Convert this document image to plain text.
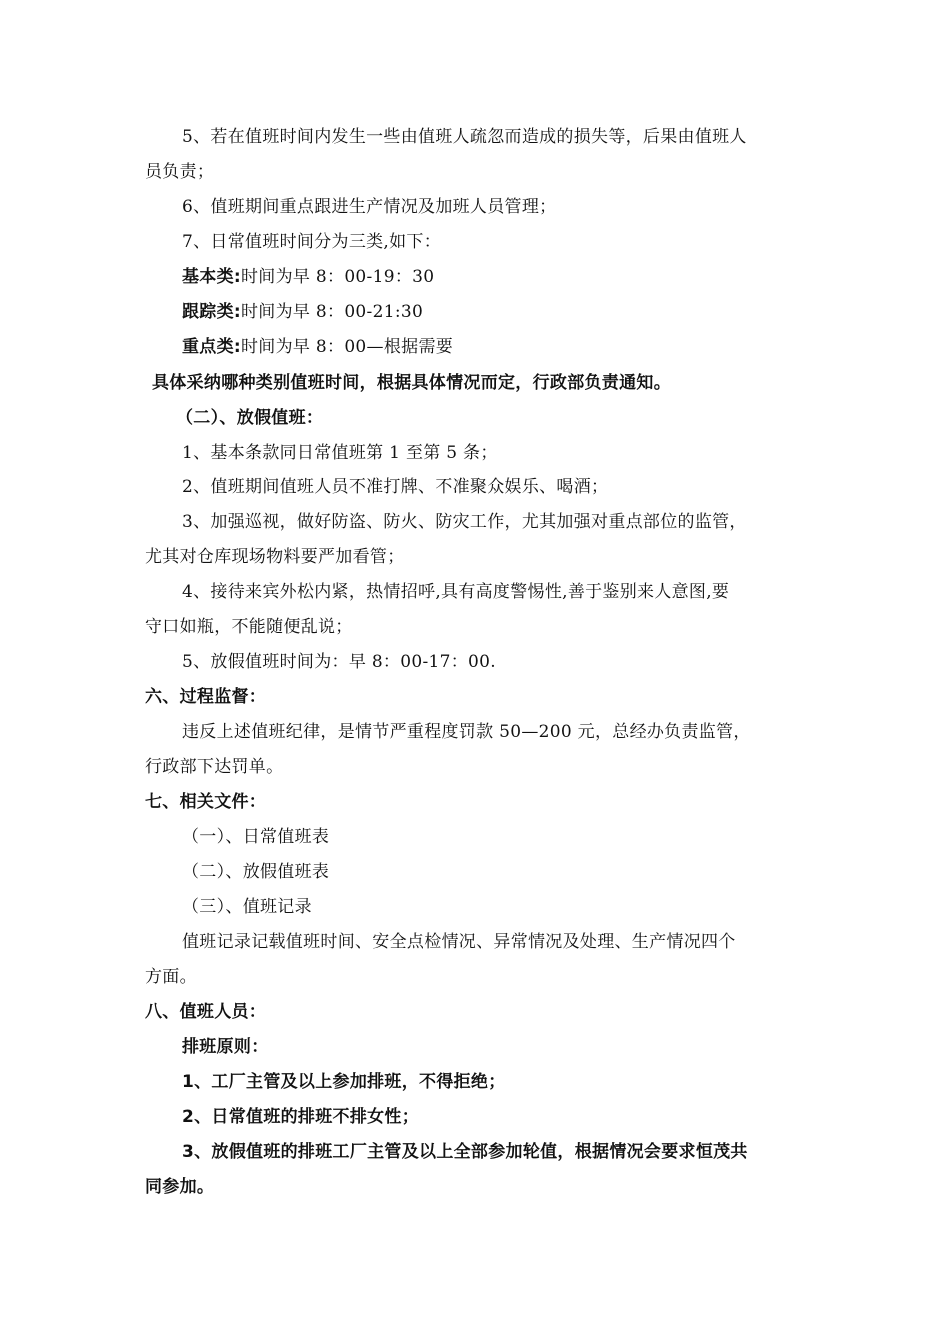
5、若在值班时间内发生一些由值班人疏忽而造成的损失等，后果由值班人
员负责；
6、值班期间重点跟进生产情况及加班人员管理；
7、日常值班时间分为三类,如下：
基本类:时间为早 8：00-19：30
跟踪类:时间为早 8：00-21:30
重点类:时间为早 8：00—根据需要
具体采纳哪种类别值班时间，根据具体情况而定，行政部负责通知。
（二）、放假值班：
1、基本条款同日常值班第 1 至第 5 条；
2、值班期间值班人员不准打牌、不准聚众娱乐、喝酒；
3、加强巡视，做好防盗、防火、防灾工作，尤其加强对重点部位的监管，
尤其对仓库现场物料要严加看管；
4、接待来宾外松内紧，热情招呼,具有高度警惕性,善于鉴别来人意图,要
守口如瓶，不能随便乱说；
5、放假值班时间为：早 8：00-17：00.
六、过程监督：
违反上述值班纪律，是情节严重程度罚款 50—200 元，总经办负责监管，
行政部下达罚单。
七、相关文件：
（一）、日常值班表
（二）、放假值班表
（三）、值班记录
值班记录记载值班时间、安全点检情况、异常情况及处理、生产情况四个
方面。
八、值班人员：
排班原则：
1、工厂主管及以上参加排班，不得拒绝；
2、日常值班的排班不排女性；
3、放假值班的排班工厂主管及以上全部参加轮值，根据情况会要求恒茂共
同参加。
